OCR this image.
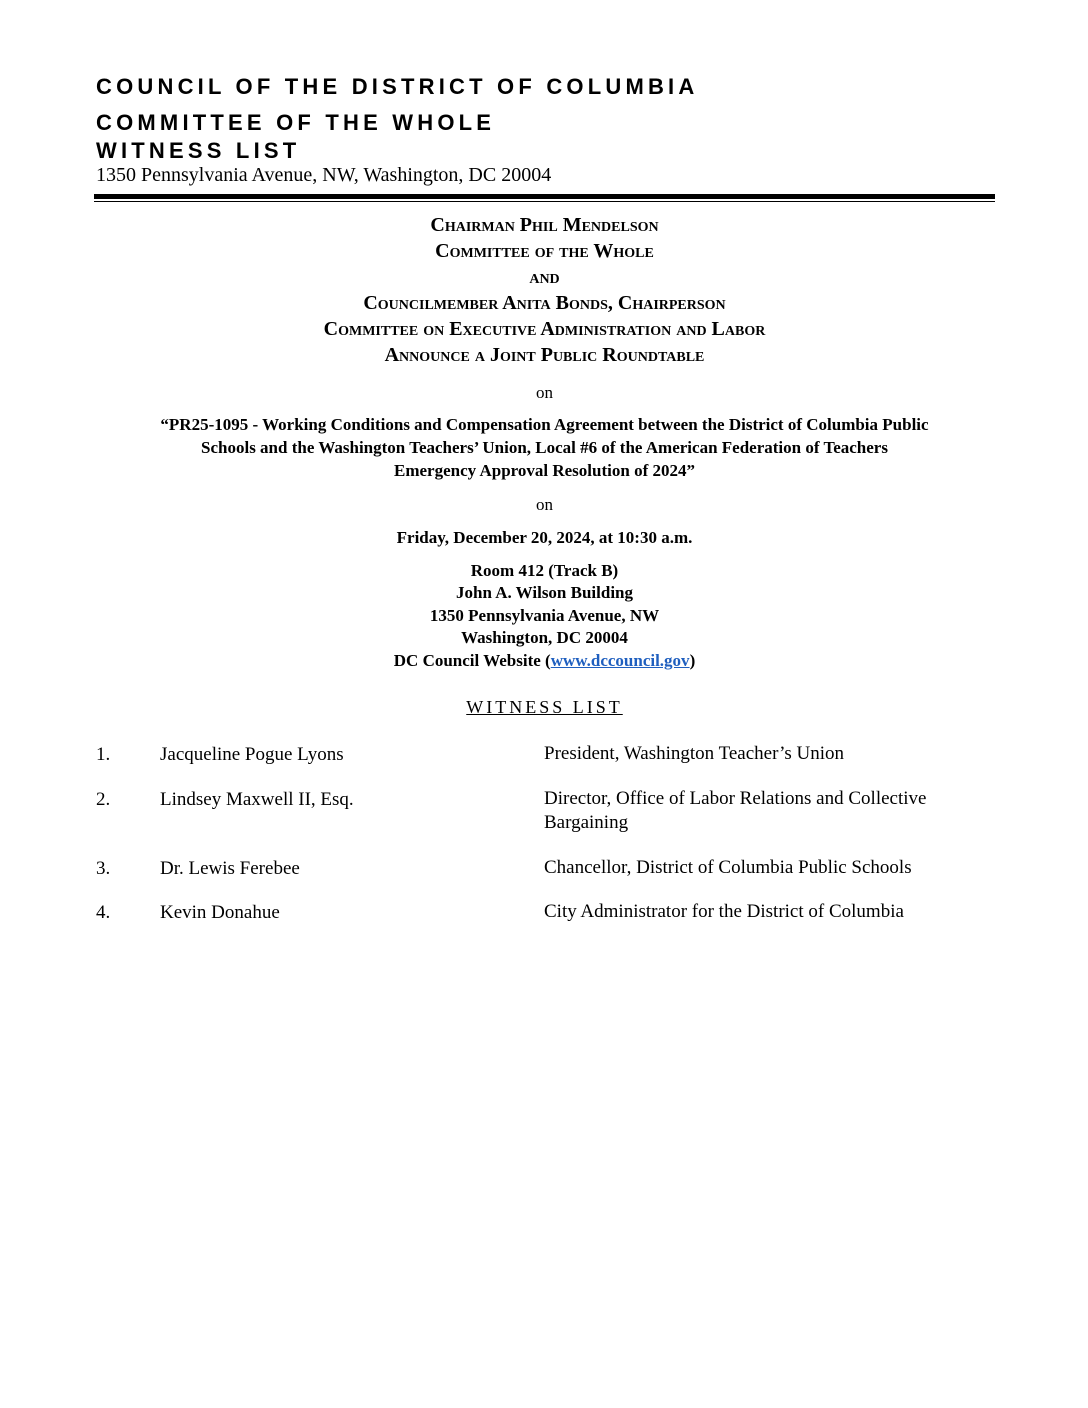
COUNCIL OF THE DISTRICT OF COLUMBIA
COMMITTEE OF THE WHOLE
WITNESS LIST
1350 Pennsylvania Avenue, NW, Washington, DC 20004
Chairman Phil Mendelson
Committee of the Whole
and
Councilmember Anita Bonds, Chairperson
Committee on Executive Administration and Labor
Announce a Joint Public Roundtable
on
“PR25-1095 - Working Conditions and Compensation Agreement between the District of Columbia Public
Schools and the Washington Teachers’ Union, Local #6 of the American Federation of Teachers
Emergency Approval Resolution of 2024”
on
Friday, December 20, 2024, at 10:30 a.m.
Room 412 (Track B)
John A. Wilson Building
1350 Pennsylvania Avenue, NW
Washington, DC 20004
DC Council Website (www.dccouncil.gov)
WITNESS LIST
1.	Jacqueline Pogue Lyons	President, Washington Teacher’s Union
2.	Lindsey Maxwell II, Esq.	Director, Office of Labor Relations and Collective
Bargaining
3.	Dr. Lewis Ferebee	Chancellor, District of Columbia Public Schools
4.	Kevin Donahue	City Administrator for the District of Columbia
